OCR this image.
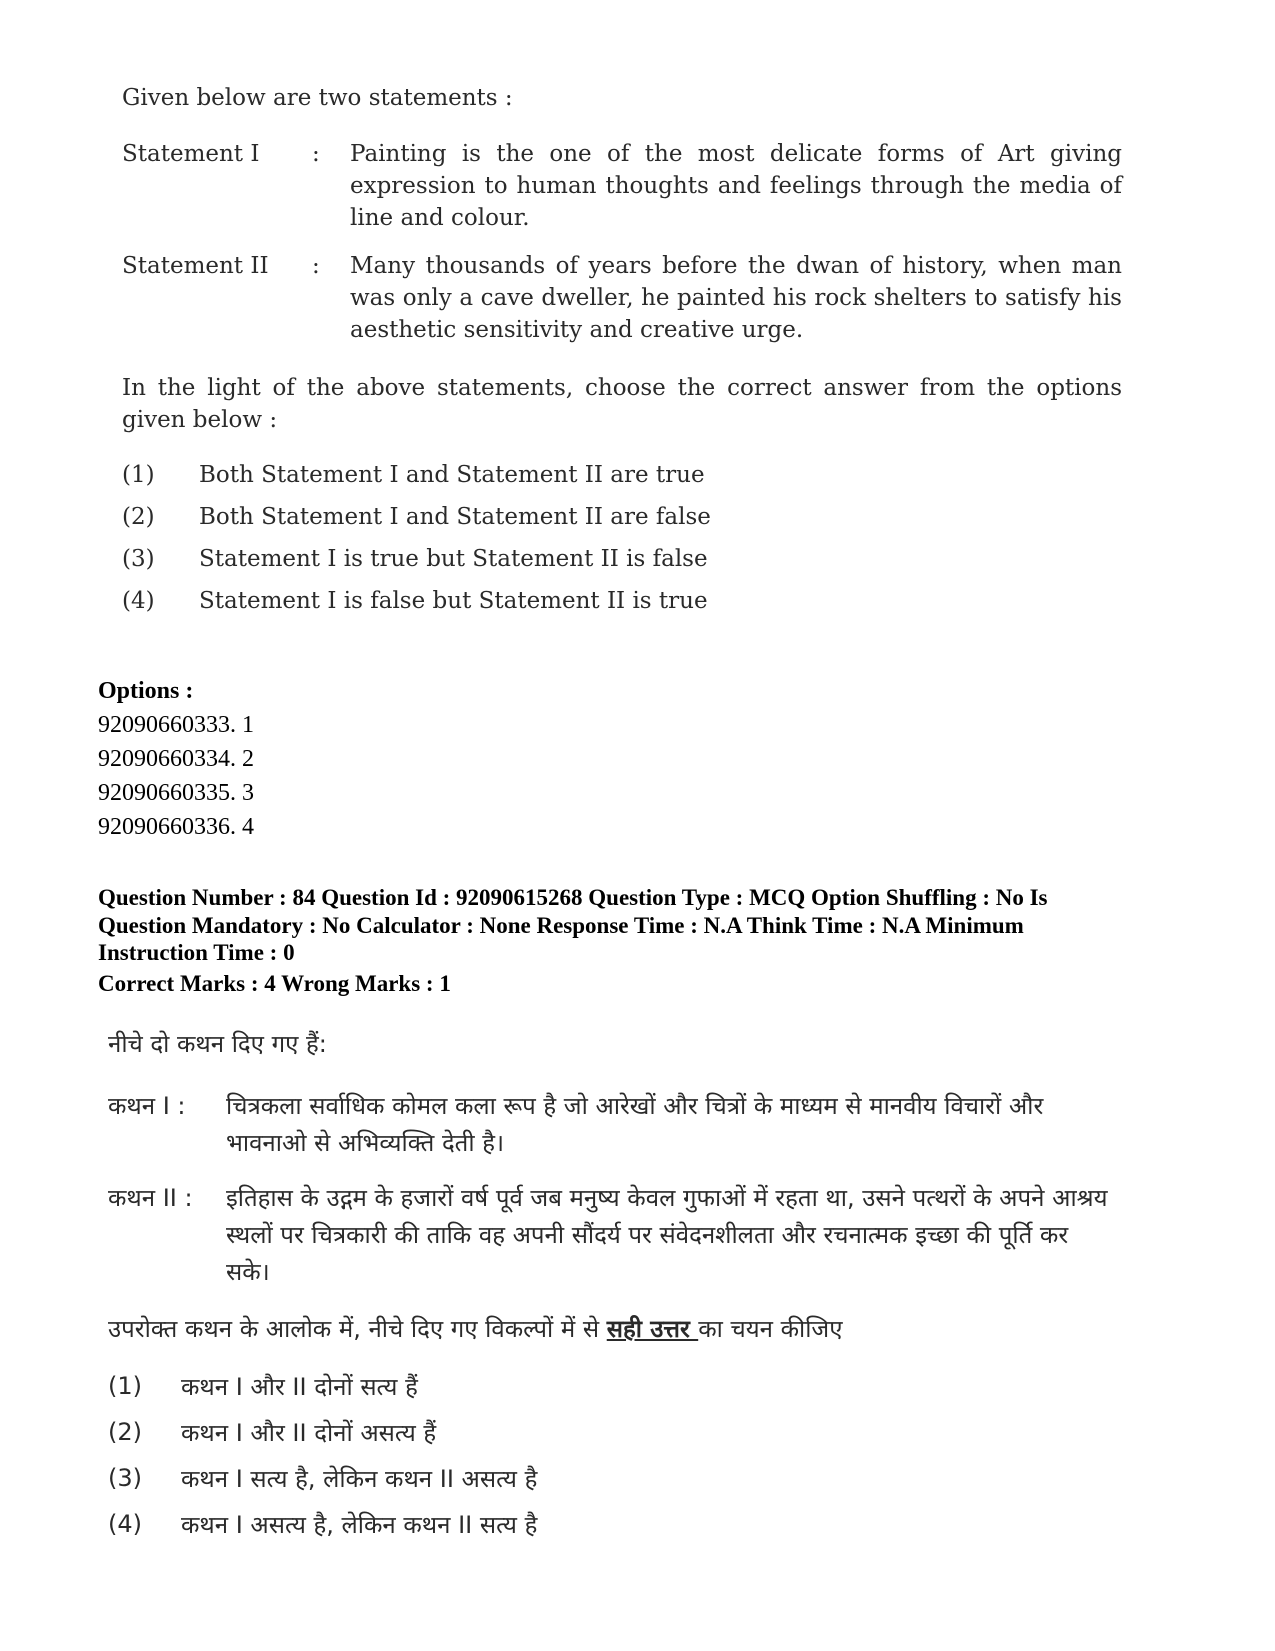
Given below are two statements :

Statement I	:	Painting is the one of the most delicate forms of Art giving expression to human thoughts and feelings through the media of line and colour.
Statement II	:	Many thousands of years before the dwan of history, when man was only a cave dweller, he painted his rock shelters to satisfy his aesthetic sensitivity and creative urge.

In the light of the above statements, choose the correct answer from the options given below :

(1)	Both Statement I and Statement II are true
(2)	Both Statement I and Statement II are false
(3)	Statement I is true but Statement II is false
(4)	Statement I is false but Statement II is true
Options :
92090660333. 1
92090660334. 2
92090660335. 3
92090660336. 4
Question Number : 84 Question Id : 92090615268 Question Type : MCQ Option Shuffling : No Is
Question Mandatory : No Calculator : None Response Time : N.A Think Time : N.A Minimum
Instruction Time : 0
Correct Marks : 4 Wrong Marks : 1

नीचे दो कथन दिए गए हैं:

कथन I :	चित्रकला सर्वाधिक कोमल कला रूप है जो आरेखों और चित्रों के माध्यम से मानवीय विचारों और भावनाओ से अभिव्यक्ति देती है।
कथन II :	इतिहास के उद्गम के हजारों वर्ष पूर्व जब मनुष्य केवल गुफाओं में रहता था, उसने पत्थरों के अपने आश्रय स्थलों पर चित्रकारी की ताकि वह अपनी सौंदर्य पर संवेदनशीलता और रचनात्मक इच्छा की पूर्ति कर सके।

उपरोक्त कथन के आलोक में, नीचे दिए गए विकल्पों में से सही उत्तर का चयन कीजिए

(1)	कथन I और II दोनों सत्य हैं
(2)	कथन I और II दोनों असत्य हैं
(3)	कथन I सत्य है, लेकिन कथन II असत्य है
(4)	कथन I असत्य है, लेकिन कथन II सत्य है
